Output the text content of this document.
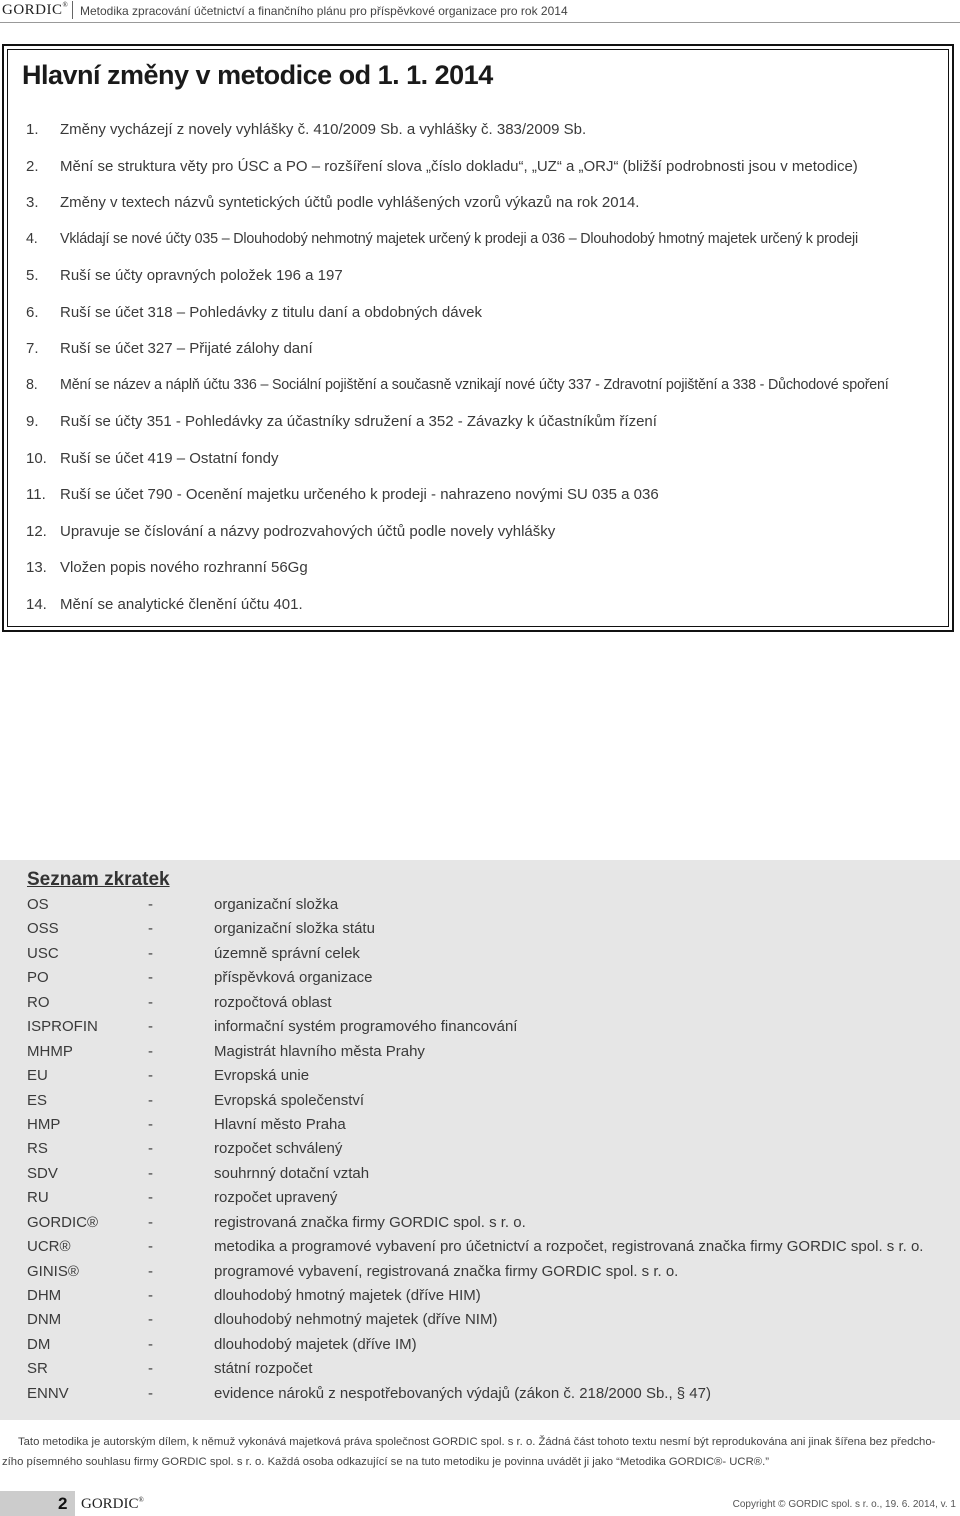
GORDIC® Metodika zpracování účetnictví a finančního plánu pro příspěvkové organizace pro rok 2014
Hlavní změny v metodice od 1. 1. 2014
1. Změny vycházejí z novely vyhlášky č. 410/2009 Sb. a vyhlášky č. 383/2009 Sb.
2. Mění se struktura věty pro ÚSC a PO – rozšíření slova „číslo dokladu“, „UZ“ a „ORJ“ (bližší podrobnosti jsou v metodice)
3. Změny v textech názvů syntetických účtů podle vyhlášených vzorů výkazů na rok 2014.
4. Vkládají se nové účty 035 – Dlouhodobý nehmotný majetek určený k prodeji a 036 – Dlouhodobý hmotný majetek určený k prodeji
5. Ruší se účty opravných položek 196 a 197
6. Ruší se účet 318 – Pohledávky z titulu daní a obdobných dávek
7. Ruší se účet 327 – Přijaté zálohy daní
8. Mění se název a náplň účtu 336 – Sociální pojištění a současně vznikají nové účty 337 - Zdravotní pojištění a 338 - Důchodové spoření
9. Ruší se účty 351 - Pohledávky za účastníky sdružení a 352 - Závazky k účastníkům řízení
10. Ruší se účet 419 – Ostatní fondy
11. Ruší se účet 790 - Ocenění majetku určeného k prodeji - nahrazeno novými SU 035 a 036
12. Upravuje se číslování a názvy podrozvahových účtů podle novely vyhlášky
13. Vložen popis nového rozhranní 56Gg
14. Mění se analytické členění účtu 401.
Seznam zkratek
OS	-	organizační složka
OSS	-	organizační složka státu
USC	-	územně správní celek
PO	-	příspěvková organizace
RO	-	rozpočtová oblast
ISPROFIN	-	informační systém programového financování
MHMP	-	Magistrát hlavního města Prahy
EU	-	Evropská unie
ES	-	Evropská společenství
HMP	-	Hlavní město Praha
RS	-	rozpočet schválený
SDV	-	souhrnný dotační vztah
RU	-	rozpočet upravený
GORDIC®	-	registrovaná značka firmy GORDIC spol. s r. o.
UCR®	-	metodika a programové vybavení pro účetnictví a rozpočet, registrovaná značka firmy GORDIC spol. s r. o.
GINIS®	-	programové vybavení, registrovaná značka firmy GORDIC spol. s r. o.
DHM	-	dlouhodobý hmotný majetek (dříve HIM)
DNM	-	dlouhodobý nehmotný majetek (dříve NIM)
DM	-	dlouhodobý majetek (dříve IM)
SR	-	státní rozpočet
ENNV	-	evidence nároků z nespotřebovaných výdajů (zákon č. 218/2000 Sb., § 47)
Tato metodika je autorským dílem, k němuž vykonává majetková práva společnost GORDIC spol. s r. o. Žádná část tohoto textu nesmí být reprodukována ani jinak šířena bez předcho-
zího písemného souhlasu firmy GORDIC spol. s r. o. Každá osoba odkazující se na tuto metodiku je povinna uvádět ji jako “Metodika GORDIC®- UCR®.”
2 GORDIC®	Copyright © GORDIC spol. s r. o., 19. 6. 2014, v. 1
